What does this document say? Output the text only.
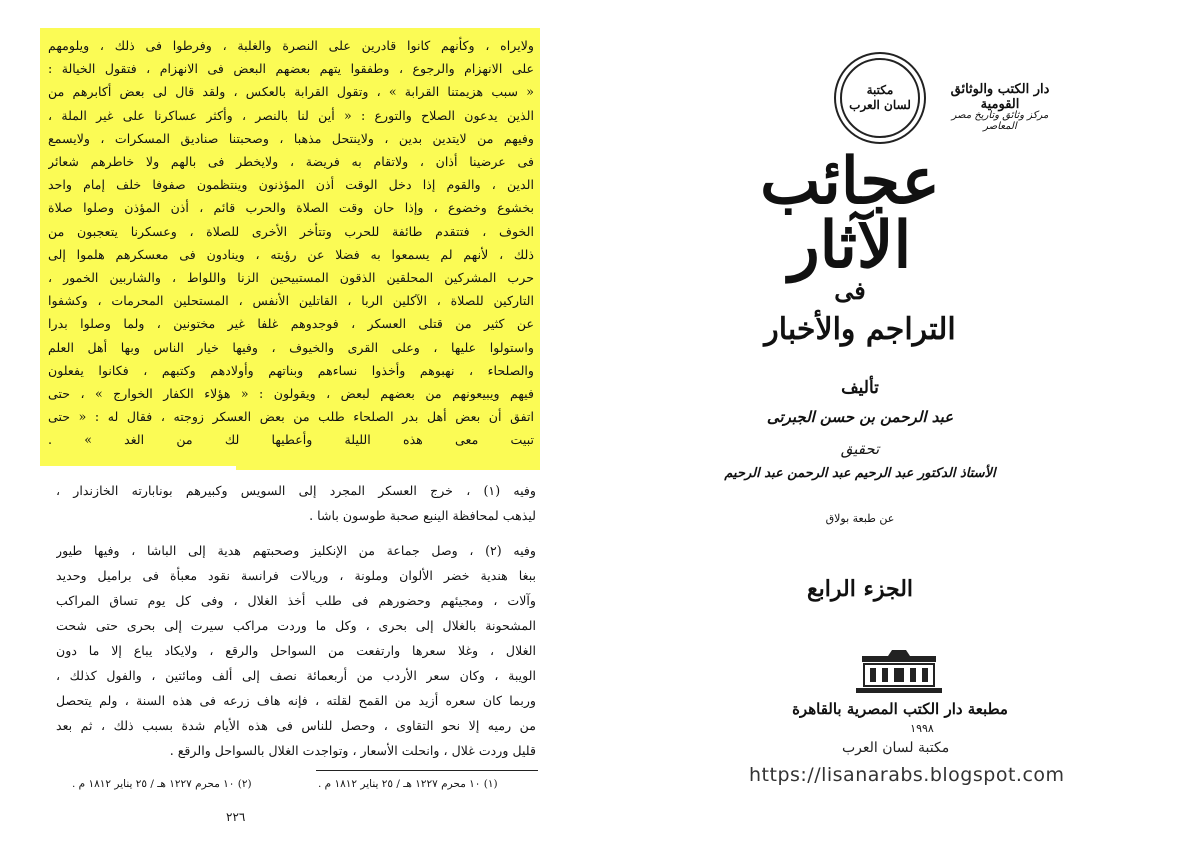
ولايراه ، وكأنهم كانوا قادرين على النصرة والغلبة ، وفرطوا فى ذلك ، ويلومهم
على الانهزام والرجوع ، وطفقوا يتهم بعضهم البعض فى الانهزام ، فتقول الخيالة :
« سبب هزيمتنا القرابة » ، وتقول القرابة بالعكس ، ولقد قال لى بعض أكابرهم من
الذين يدعون الصلاح والتورع : « أين لنا بالنصر ، وأكثر عساكرنا على غير الملة ،
وفيهم من لايتدين بدين ، ولاينتحل مذهبا ، وصحبتنا صناديق المسكرات ، ولايسمع
فى عرضينا أذان ، ولاتقام به فريضة ، ولايخطر فى بالهم ولا خاطرهم شعائر
الدين ، والقوم إذا دخل الوقت أذن المؤذنون وينتظمون صفوفا خلف إمام واحد
بخشوع وخضوع ، وإذا حان وقت الصلاة والحرب قائم ، أذن المؤذن وصلوا صلاة
الخوف ، فتتقدم طائفة للحرب وتتأخر الأخرى للصلاة ، وعسكرنا يتعجبون من
ذلك ، لأنهم لم يسمعوا به فضلا عن رؤيته ، وينادون فى معسكرهم هلموا إلى
حرب المشركين المحلقين الذقون المستبيحين الزنا واللواط ، والشاربين الخمور ،
التاركين للصلاة ، الآكلين الربا ، القاتلين الأنفس ، المستحلين المحرمات ، وكشفوا
عن كثير من قتلى العسكر ، فوجدوهم غلفا غير مختونين ، ولما وصلوا بدرا
واستولوا عليها ، وعلى القرى والخيوف ، وفيها خيار الناس وبها أهل العلم
والصلحاء ، نهبوهم وأخذوا نساءهم وبناتهم وأولادهم وكتبهم ، فكانوا يفعلون
فيهم ويبيعونهم من بعضهم لبعض ، ويقولون : « هؤلاء الكفار الخوارج » ، حتى
اتفق أن بعض أهل بدر الصلحاء طلب من بعض العسكر زوجته ، فقال له : « حتى
تبيت معى هذه الليلة وأعطيها لك من الغد » .
وفيه (١) ، خرج العسكر المجرد إلى السويس وكبيرهم بونابارته الخازندار ،
ليذهب لمحافظة الينبع صحبة طوسون باشا .
وفيه (٢) ، وصل جماعة من الإنكليز وصحبتهم هدية إلى الباشا ، وفيها طيور
ببغا هندية خضر الألوان وملونة ، وريالات فرانسة نقود معبأة فى براميل وحديد
وآلات ، ومجيئهم وحضورهم فى طلب أخذ الغلال ، وفى كل يوم تساق المراكب
المشحونة بالغلال إلى بحرى ، وكل ما وردت مراكب سيرت إلى بحرى حتى شحت
الغلال ، وغلا سعرها وارتفعت من السواحل والرقع ، ولايكاد يباع إلا ما دون
الويبة ، وكان سعر الأردب من أربعمائة نصف إلى ألف ومائتين ، والفول كذلك ،
وربما كان سعره أزيد من القمح لقلته ، فإنه هاف زرعه فى هذه السنة ، ولم يتحصل
من رميه إلا نحو التقاوى ، وحصل للناس فى هذه الأيام شدة بسبب ذلك ، ثم بعد
قليل وردت غلال ، وانحلت الأسعار ، وتواجدت الغلال بالسواحل والرقع .
(١) ١٠ محرم ١٢٢٧ هـ / ٢٥ يناير ١٨١٢ م .
(٢) ١٠ محرم ١٢٢٧ هـ / ٢٥ يناير ١٨١٢ م .
٢٢٦
دار الكتب والوثائق القومية
مركز وثائق وتاريخ مصر المعاصر
مكتبة
لسان العرب
عجائب الآثار
فى
التراجم والأخبار
تأليف
عبد الرحمن بن حسن الجبرتى
تحقيق
الأستاذ الدكتور عبد الرحيم عبد الرحمن عبد الرحيم
عن طبعة بولاق
الجزء الرابع
مطبعة دار الكتب المصرية بالقاهرة
١٩٩٨
مكتبة لسان العرب
https://lisanarabs.blogspot.com
